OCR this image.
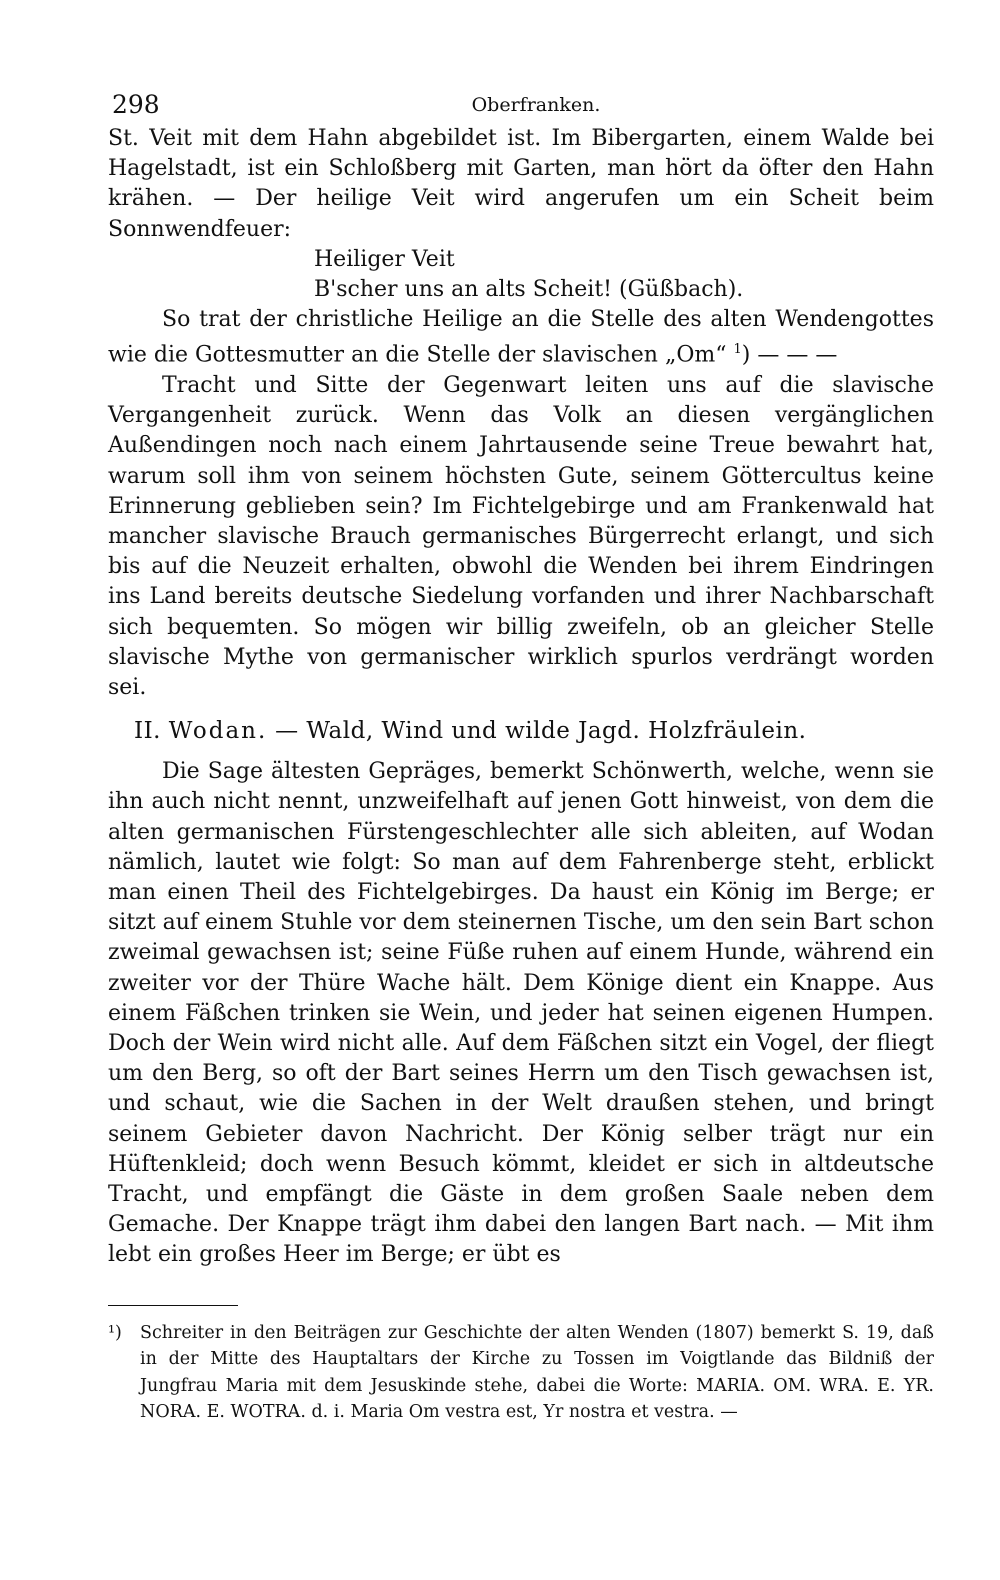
298	Oberfranken.

St. Veit mit dem Hahn abgebildet ist. Im Bibergarten, einem Walde bei Hagelstadt, ist ein Schloßberg mit Garten, man hört da öfter den Hahn krähen. — Der heilige Veit wird angerufen um ein Scheit beim Sonnwendfeuer:

Heiliger Veit

B'scher uns an alts Scheit! (Güßbach).

So trat der christliche Heilige an die Stelle des alten Wendengottes wie die Gottesmutter an die Stelle der slavischen „Om“ $^1$) — — —

Tracht und Sitte der Gegenwart leiten uns auf die slavische Vergangenheit zurück. Wenn das Volk an diesen vergänglichen Außendingen noch nach einem Jahrtausende seine Treue bewahrt hat, warum soll ihm von seinem höchsten Gute, seinem Göttercultus keine Erinnerung geblieben sein? Im Fichtelgebirge und am Frankenwald hat mancher slavische Brauch germanisches Bürgerrecht erlangt, und sich bis auf die Neuzeit erhalten, obwohl die Wenden bei ihrem Eindringen ins Land bereits deutsche Siedelung vorfanden und ihrer Nachbarschaft sich bequemten. So mögen wir billig zweifeln, ob an gleicher Stelle slavische Mythe von germanischer wirklich spurlos verdrängt worden sei.

II. Wodan. — Wald, Wind und wilde Jagd. Holzfräulein.

Die Sage ältesten Gepräges, bemerkt Schönwerth, welche, wenn sie ihn auch nicht nennt, unzweifelhaft auf jenen Gott hinweist, von dem die alten germanischen Fürstengeschlechter alle sich ableiten, auf Wodan nämlich, lautet wie folgt: So man auf dem Fahrenberge steht, erblickt man einen Theil des Fichtelgebirges. Da haust ein König im Berge; er sitzt auf einem Stuhle vor dem steinernen Tische, um den sein Bart schon zweimal gewachsen ist; seine Füße ruhen auf einem Hunde, während ein zweiter vor der Thüre Wache hält. Dem Könige dient ein Knappe. Aus einem Fäßchen trinken sie Wein, und jeder hat seinen eigenen Humpen. Doch der Wein wird nicht alle. Auf dem Fäßchen sitzt ein Vogel, der fliegt um den Berg, so oft der Bart seines Herrn um den Tisch gewachsen ist, und schaut, wie die Sachen in der Welt draußen stehen, und bringt seinem Gebieter davon Nachricht. Der König selber trägt nur ein Hüftenkleid; doch wenn Besuch kömmt, kleidet er sich in altdeutsche Tracht, und empfängt die Gäste in dem großen Saale neben dem Gemache. Der Knappe trägt ihm dabei den langen Bart nach. — Mit ihm lebt ein großes Heer im Berge; er übt es

¹) Schreiter in den Beiträgen zur Geschichte der alten Wenden (1807) bemerkt S. 19, daß in der Mitte des Hauptaltars der Kirche zu Tossen im Voigtlande das Bildniß der Jungfrau Maria mit dem Jesuskinde stehe, dabei die Worte: MARIA. OM. WRA. E. YR. NORA. E. WOTRA. d. i. Maria Om vestra est, Yr nostra et vestra. —
